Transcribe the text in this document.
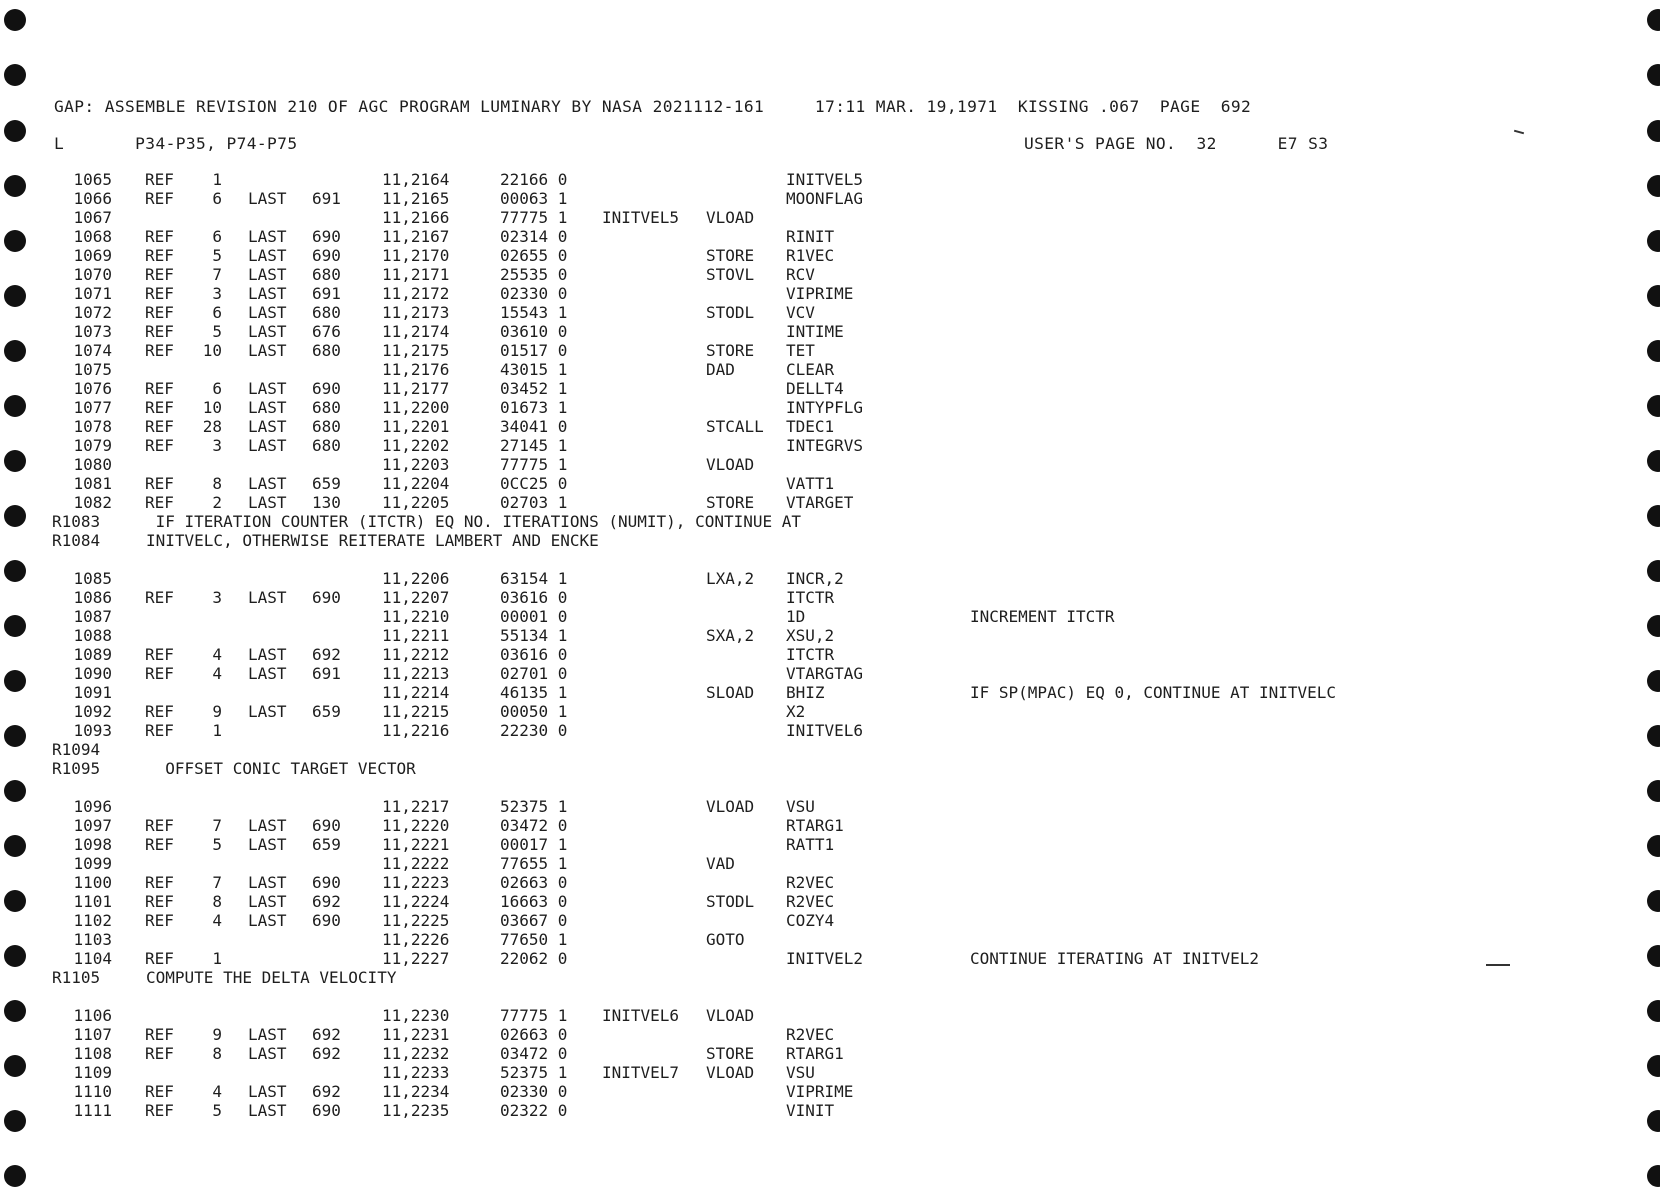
GAP: ASSEMBLE REVISION 210 OF AGC PROGRAM LUMINARY BY NASA 2021112-161     17:11 MAR. 19,1971  KISSING .067  PAGE  692
L       P34-P35, P74-P75	USER'S PAGE NO.  32      E7 S3
1065 REF	1	11,2164	22166 0	INITVEL5
1066 REF	6 LAST 691	11,2165	00063 1	MOONFLAG
1067	11,2166	77775 1 INITVEL5 VLOAD
1068 REF	6 LAST 690	11,2167	02314 0	RINIT
1069 REF	5 LAST 690	11,2170	02655 0	STORE R1VEC
1070 REF	7 LAST 680	11,2171	25535 0	STOVL RCV
1071 REF	3 LAST 691	11,2172	02330 0	VIPRIME
1072 REF	6 LAST 680	11,2173	15543 1	STODL VCV
1073 REF	5 LAST 676	11,2174	03610 0	INTIME
1074 REF	10 LAST 680	11,2175	01517 0	STORE TET
1075	11,2176	43015 1	DAD	CLEAR
1076 REF	6 LAST 690	11,2177	03452 1	DELLT4
1077 REF	10 LAST 680	11,2200	01673 1	INTYPFLG
1078 REF	28 LAST 680	11,2201	34041 0	STCALL TDEC1
1079 REF	3 LAST 680	11,2202	27145 1	INTEGRVS
1080	11,2203	77775 1	VLOAD
1081 REF	8 LAST 659	11,2204	0CC25 0	VATT1
1082 REF	2 LAST 130	11,2205	02703 1	STORE VTARGET
R1083	IF ITERATION COUNTER (ITCTR) EQ NO. ITERATIONS (NUMIT), CONTINUE AT
R1084	INITVELC, OTHERWISE REITERATE LAMBERT AND ENCKE
1085	11,2206	63154 1	LXA,2 INCR,2
1086 REF	3 LAST 690	11,2207	03616 0	ITCTR
1087	11,2210	00001 0	1D	INCREMENT ITCTR
1088	11,2211	55134 1	SXA,2 XSU,2
1089 REF	4 LAST 692	11,2212	03616 0	ITCTR
1090 REF	4 LAST 691	11,2213	02701 0	VTARGTAG
1091	11,2214	46135 1	SLOAD BHIZ	IF SP(MPAC) EQ 0, CONTINUE AT INITVELC
1092 REF	9 LAST 659	11,2215	00050 1	X2
1093 REF	1	11,2216	22230 0	INITVEL6
R1094
R1095	OFFSET CONIC TARGET VECTOR
1096	11,2217	52375 1	VLOAD VSU
1097 REF	7 LAST 690	11,2220	03472 0	RTARG1
1098 REF	5 LAST 659	11,2221	00017 1	RATT1
1099	11,2222	77655 1	VAD
1100 REF	7 LAST 690	11,2223	02663 0	R2VEC
1101 REF	8 LAST 692	11,2224	16663 0	STODL R2VEC
1102 REF	4 LAST 690	11,2225	03667 0	COZY4
1103	11,2226	77650 1	GOTO
1104 REF	1	11,2227	22062 0	INITVEL2	CONTINUE ITERATING AT INITVEL2
R1105	COMPUTE THE DELTA VELOCITY
1106	11,2230	77775 1 INITVEL6 VLOAD
1107 REF	9 LAST 692	11,2231	02663 0	R2VEC
1108 REF	8 LAST 692	11,2232	03472 0	STORE RTARG1
1109	11,2233	52375 1 INITVEL7 VLOAD VSU
1110 REF	4 LAST 692	11,2234	02330 0	VIPRIME
1111 REF	5 LAST 690	11,2235	02322 0	VINIT
